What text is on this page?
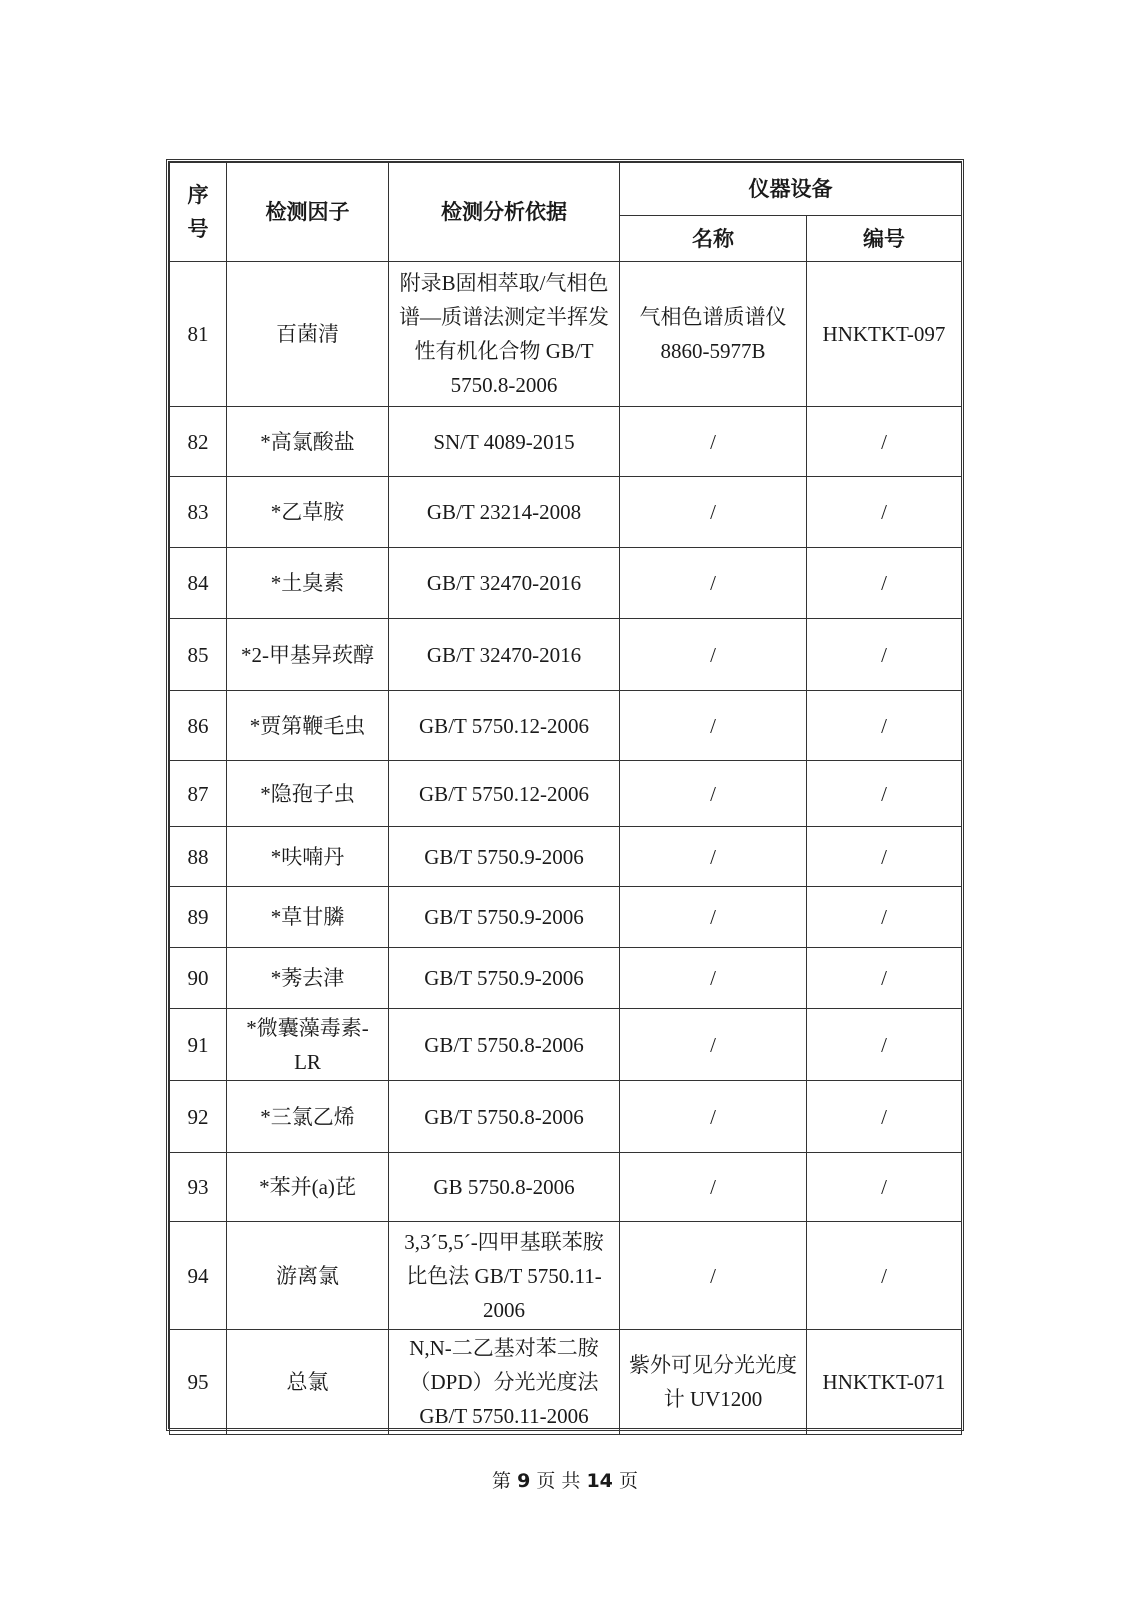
序
号	检测因子	检测分析依据	仪器设备	
			名称	编号
81	百菌清	附录B固相萃取/气相色谱—质谱法测定半挥发性有机化合物 GB/T 5750.8-2006	气相色谱质谱仪 8860-5977B	HNKTKT-097
82	*高氯酸盐	SN/T 4089-2015	/	/
83	*乙草胺	GB/T 23214-2008	/	/
84	*土臭素	GB/T 32470-2016	/	/
85	*2-甲基异莰醇	GB/T 32470-2016	/	/
86	*贾第鞭毛虫	GB/T 5750.12-2006	/	/
87	*隐孢子虫	GB/T 5750.12-2006	/	/
88	*呋喃丹	GB/T 5750.9-2006	/	/
89	*草甘膦	GB/T 5750.9-2006	/	/
90	*莠去津	GB/T 5750.9-2006	/	/
91	*微囊藻毒素-LR	GB/T 5750.8-2006	/	/
92	*三氯乙烯	GB/T 5750.8-2006	/	/
93	*苯并(a)芘	GB 5750.8-2006	/	/
94	游离氯	3,3´5,5´-四甲基联苯胺比色法 GB/T 5750.11-2006	/	/
95	总氯	N,N-二乙基对苯二胺（DPD）分光光度法 GB/T 5750.11-2006	紫外可见分光光度计 UV1200	HNKTKT-071
第 9 页 共 14 页
